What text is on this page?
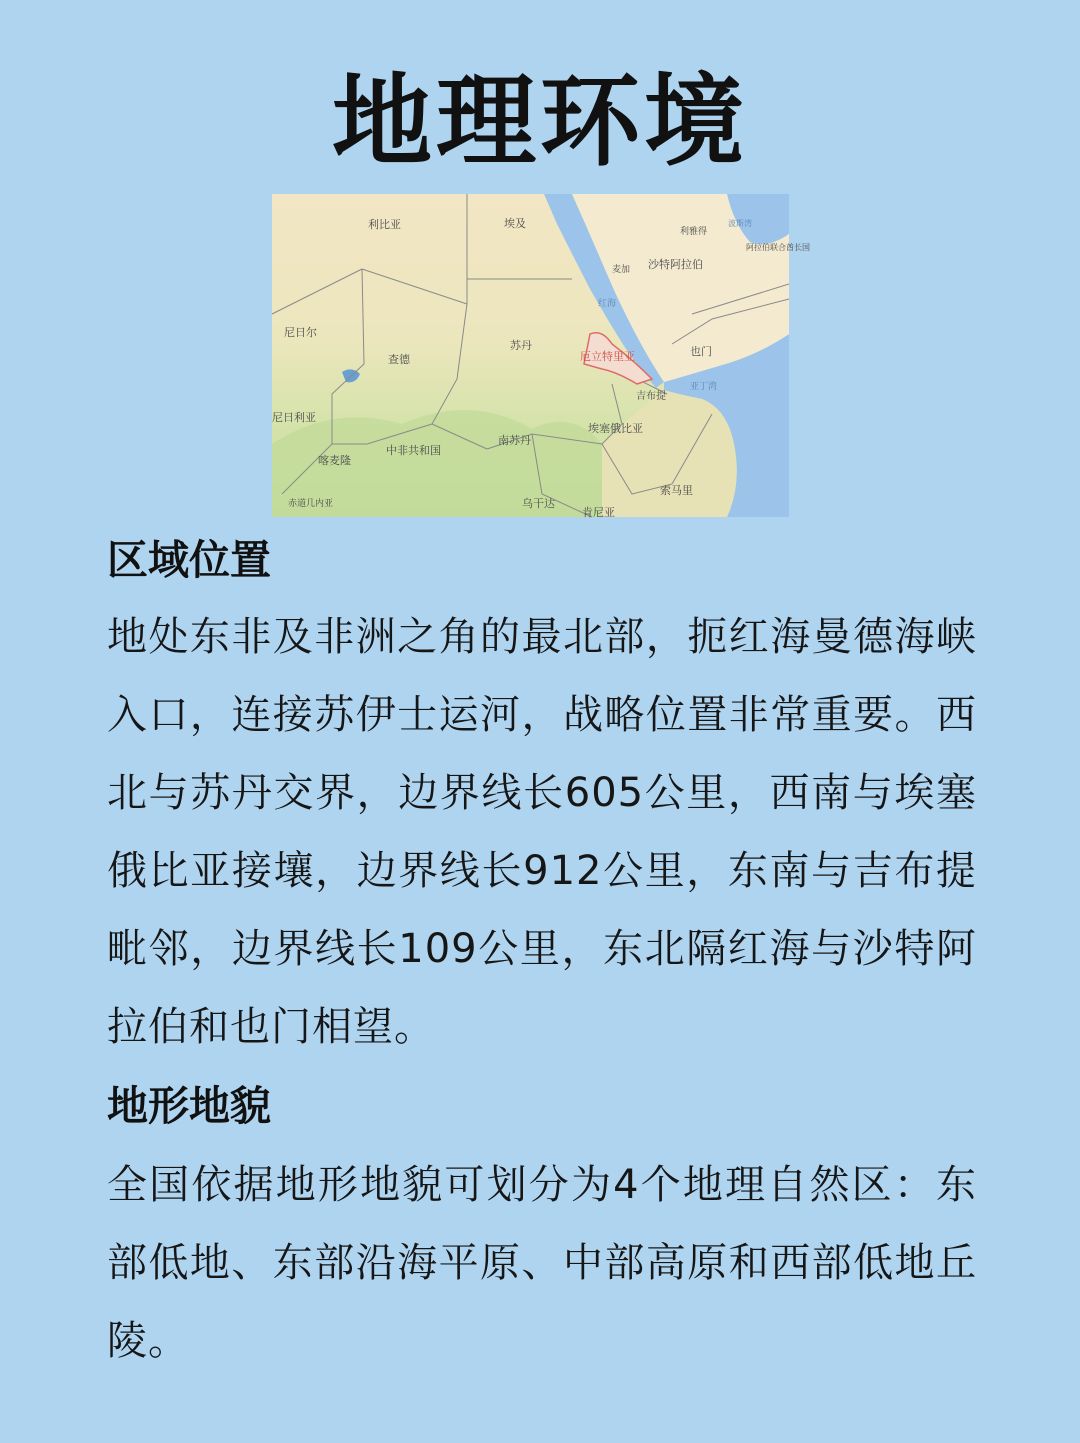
地理环境
利比亚	埃及
尼日尔
查德
苏丹
厄立特里亚
尼日利亚
中非共和国
南苏丹
埃塞俄比亚
喀麦隆
赤道几内亚	乌干达
肯尼亚
索马里
吉布提
也门
沙特阿拉伯
红海
麦加
利雅得
阿拉伯联合酋长国
亚丁湾
波斯湾
区域位置
地处东非及非洲之角的最北部，扼红海曼德海峡入口，连接苏伊士运河，战略位置非常重要。西北与苏丹交界，边界线长605公里，西南与埃塞俄比亚接壤，边界线长912公里，东南与吉布提毗邻，边界线长109公里，东北隔红海与沙特阿拉伯和也门相望。
地形地貌
全国依据地形地貌可划分为4个地理自然区：东部低地、东部沿海平原、中部高原和西部低地丘陵。
